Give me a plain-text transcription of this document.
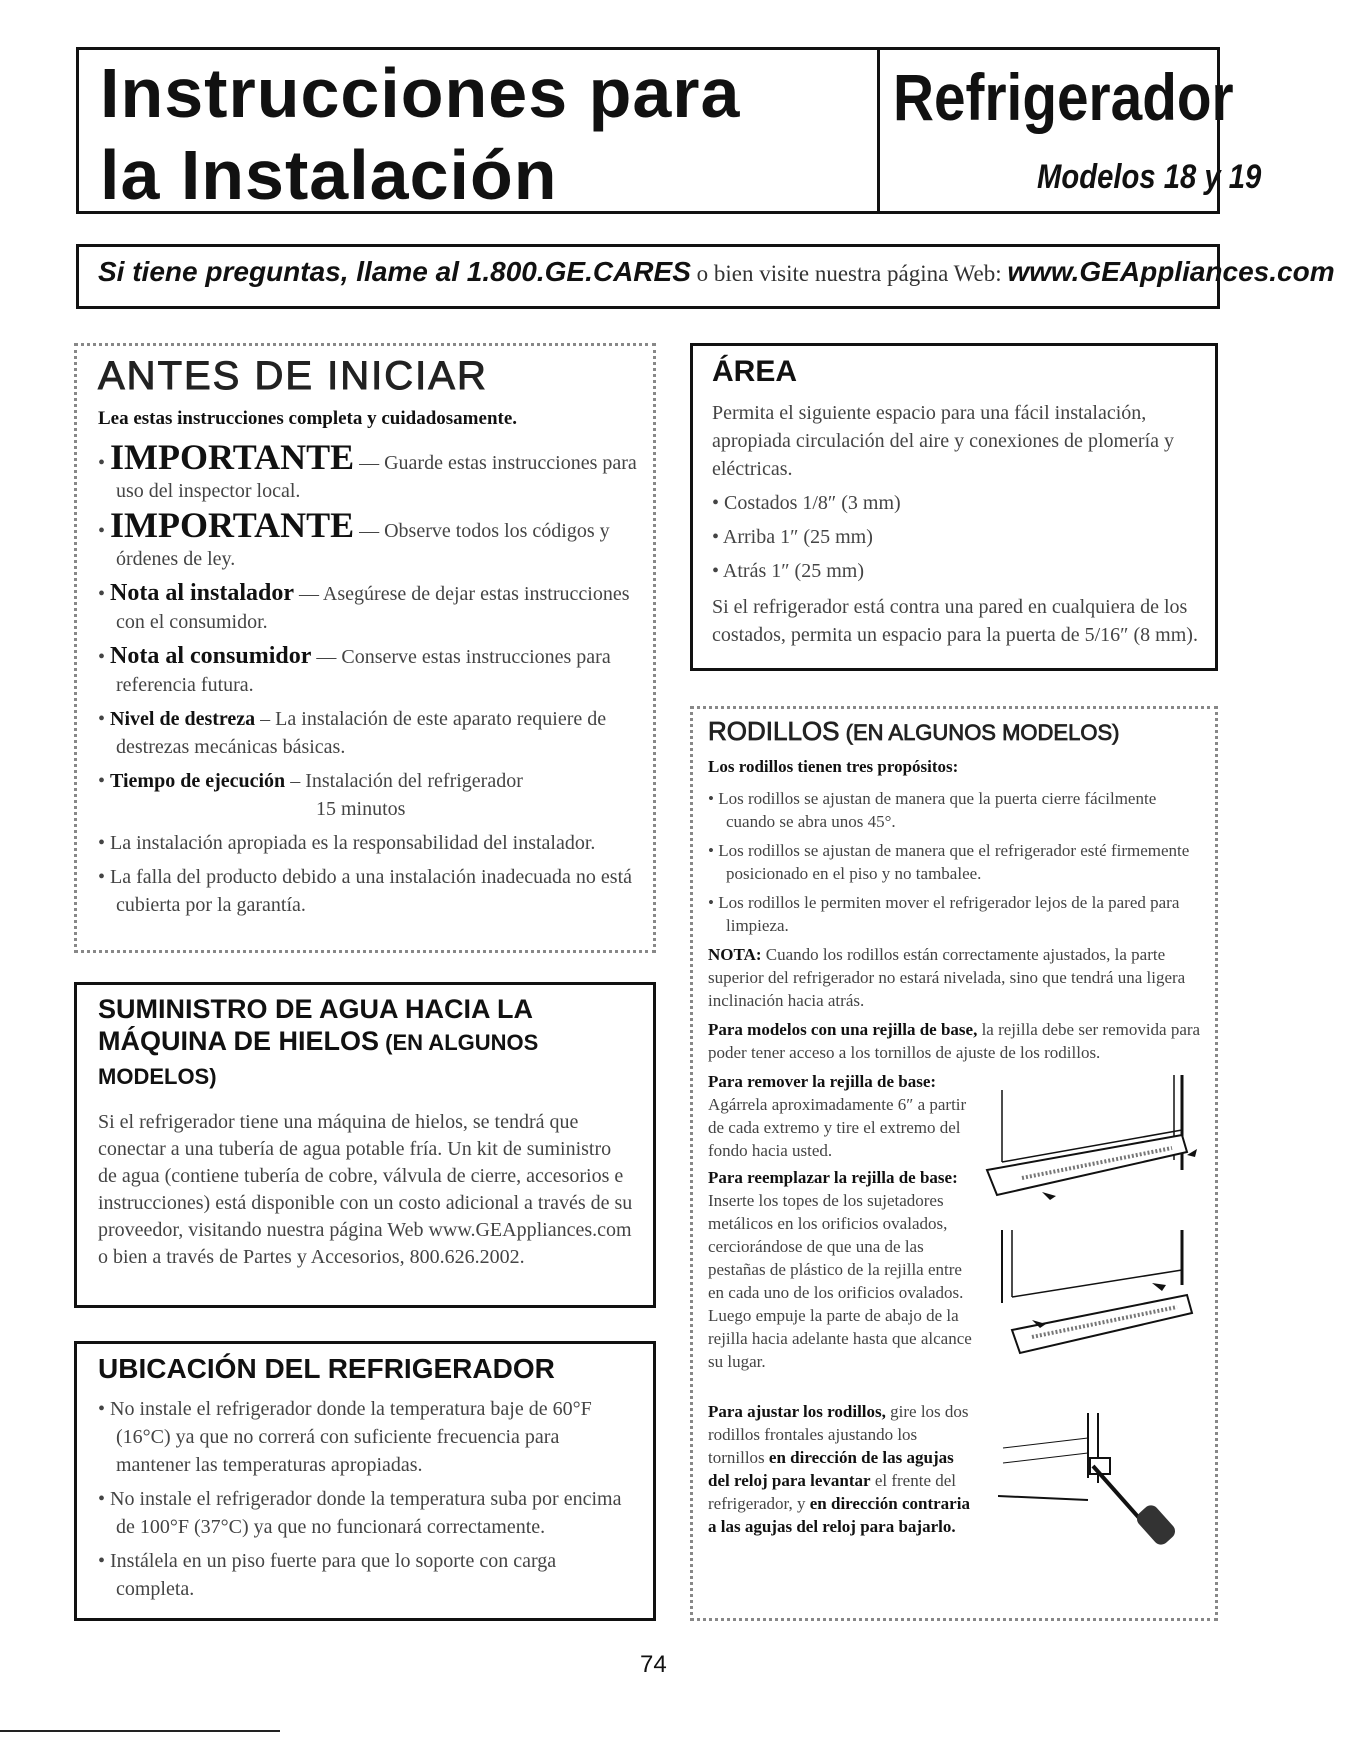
Instrucciones para
la Instalación
Refrigerador
Modelos 18 y 19
Si tiene preguntas, llame al 1.800.GE.CARES o bien visite nuestra página Web: www.GEAppliances.com
ANTES DE INICIAR
Lea estas instrucciones completa y cuidadosamente.
• IMPORTANTE — Guarde estas instrucciones para uso del inspector local.
• IMPORTANTE — Observe todos los códigos y órdenes de ley.
• Nota al instalador — Asegúrese de dejar estas instrucciones con el consumidor.
• Nota al consumidor — Conserve estas instrucciones para referencia futura.
• Nivel de destreza – La instalación de este aparato requiere de destrezas mecánicas básicas.
• Tiempo de ejecución – Instalación del refrigerador
15 minutos
• La instalación apropiada es la responsabilidad del instalador.
• La falla del producto debido a una instalación inadecuada no está cubierta por la garantía.
ÁREA
Permita el siguiente espacio para una fácil instalación, apropiada circulación del aire y conexiones de plomería y eléctricas.
• Costados 1/8″ (3 mm)
• Arriba 1″ (25 mm)
• Atrás 1″ (25 mm)
Si el refrigerador está contra una pared en cualquiera de los costados, permita un espacio para la puerta de 5/16″ (8 mm).
RODILLOS (EN ALGUNOS MODELOS)
Los rodillos tienen tres propósitos:
• Los rodillos se ajustan de manera que la puerta cierre fácilmente cuando se abra unos 45°.
• Los rodillos se ajustan de manera que el refrigerador esté firmemente posicionado en el piso y no tambalee.
• Los rodillos le permiten mover el refrigerador lejos de la pared para limpieza.
NOTA: Cuando los rodillos están correctamente ajustados, la parte superior del refrigerador no estará nivelada, sino que tendrá una ligera inclinación hacia atrás.
Para modelos con una rejilla de base, la rejilla debe ser removida para poder tener acceso a los tornillos de ajuste de los rodillos.
Para remover la rejilla de base: Agárrela aproximadamente 6″ a partir de cada extremo y tire el extremo del fondo hacia usted.
Para reemplazar la rejilla de base: Inserte los topes de los sujetadores metálicos en los orificios ovalados, cerciorándose de que una de las pestañas de plástico de la rejilla entre en cada uno de los orificios ovalados. Luego empuje la parte de abajo de la rejilla hacia adelante hasta que alcance su lugar.
Para ajustar los rodillos, gire los dos rodillos frontales ajustando los tornillos en dirección de las agujas del reloj para levantar el frente del refrigerador, y en dirección contraria a las agujas del reloj para bajarlo.
SUMINISTRO DE AGUA HACIA LA MÁQUINA DE HIELOS (EN ALGUNOS MODELOS)
Si el refrigerador tiene una máquina de hielos, se tendrá que conectar a una tubería de agua potable fría. Un kit de suministro de agua (contiene tubería de cobre, válvula de cierre, accesorios e instrucciones) está disponible con un costo adicional a través de su proveedor, visitando nuestra página Web www.GEAppliances.com o bien a través de Partes y Accesorios, 800.626.2002.
UBICACIÓN DEL REFRIGERADOR
• No instale el refrigerador donde la temperatura baje de 60°F (16°C) ya que no correrá con suficiente frecuencia para mantener las temperaturas apropiadas.
• No instale el refrigerador donde la temperatura suba por encima de 100°F (37°C) ya que no funcionará correctamente.
• Instálela en un piso fuerte para que lo soporte con carga completa.
74
